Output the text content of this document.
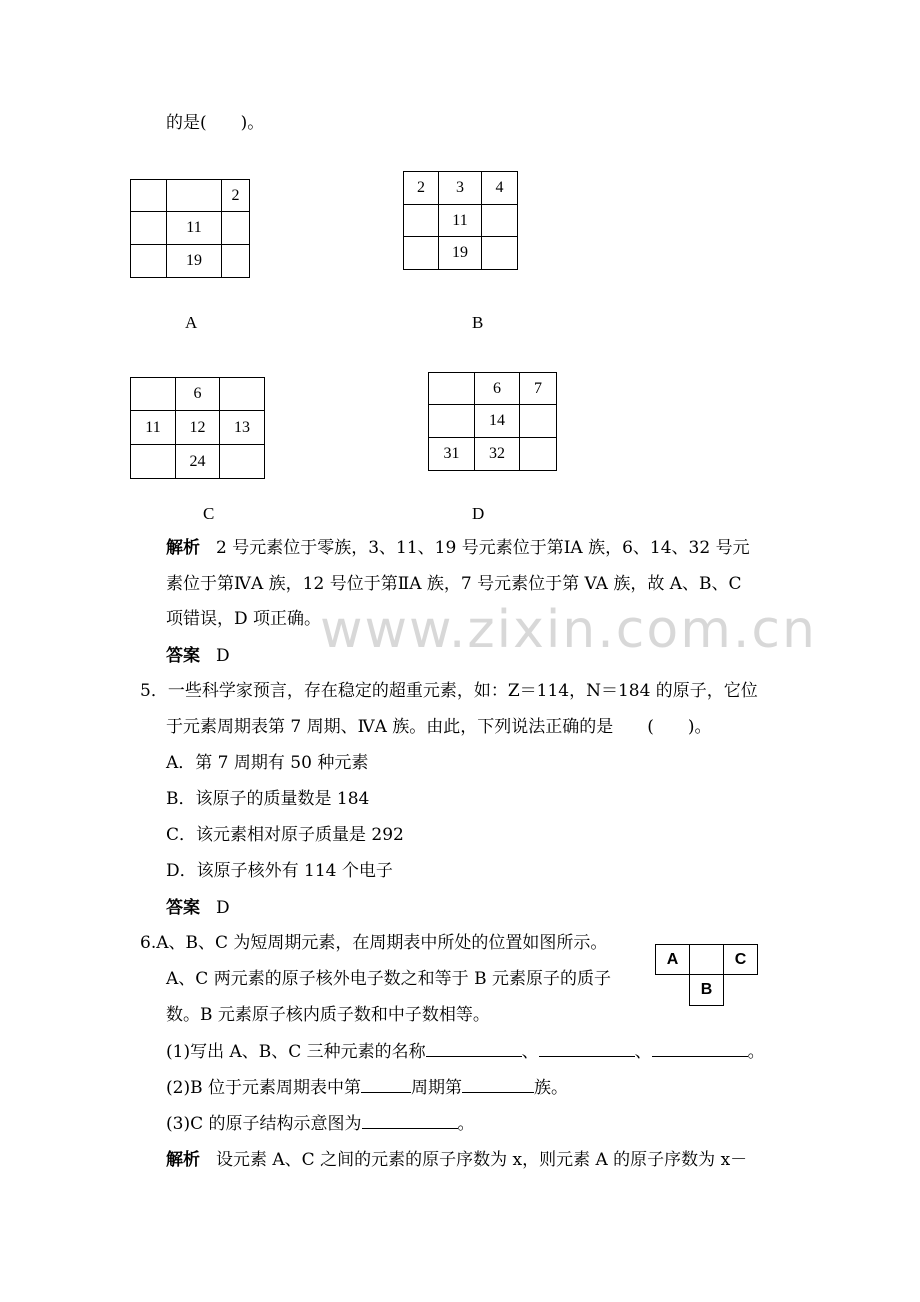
www.zixin.com.cn
的是(　　)。
		2
	11	
	19	
A
2	3	4
	11	
	19	
B
	6	
11	12	13
	24	
C
	6	7
	14	
31	32	
D
解析 2 号元素位于零族，3、11、19 号元素位于第ⅠA 族，6、14、32 号元
素位于第ⅣA 族，12 号位于第ⅡA 族，7 号元素位于第 VA 族，故 A、B、C
项错误，D 项正确。
答案 D
5．一些科学家预言，存在稳定的超重元素，如：Z＝114，N＝184 的原子，它位
于元素周期表第 7 周期、ⅣA 族。由此，下列说法正确的是　　(　　)。
A．第 7 周期有 50 种元素
B．该原子的质量数是 184
C．该元素相对原子质量是 292
D．该原子核外有 114 个电子
答案 D
6.A、B、C 为短周期元素，在周期表中所处的位置如图所示。
A、C 两元素的原子核外电子数之和等于 B 元素原子的质子
数。B 元素原子核内质子数和中子数相等。
A		C
	B	
(1)写出 A、B、C 三种元素的名称	、	、	。
(2)B 位于元素周期表中第	周期第	族。
(3)C 的原子结构示意图为	。
解析 设元素 A、C 之间的元素的原子序数为 x，则元素 A 的原子序数为 x－
